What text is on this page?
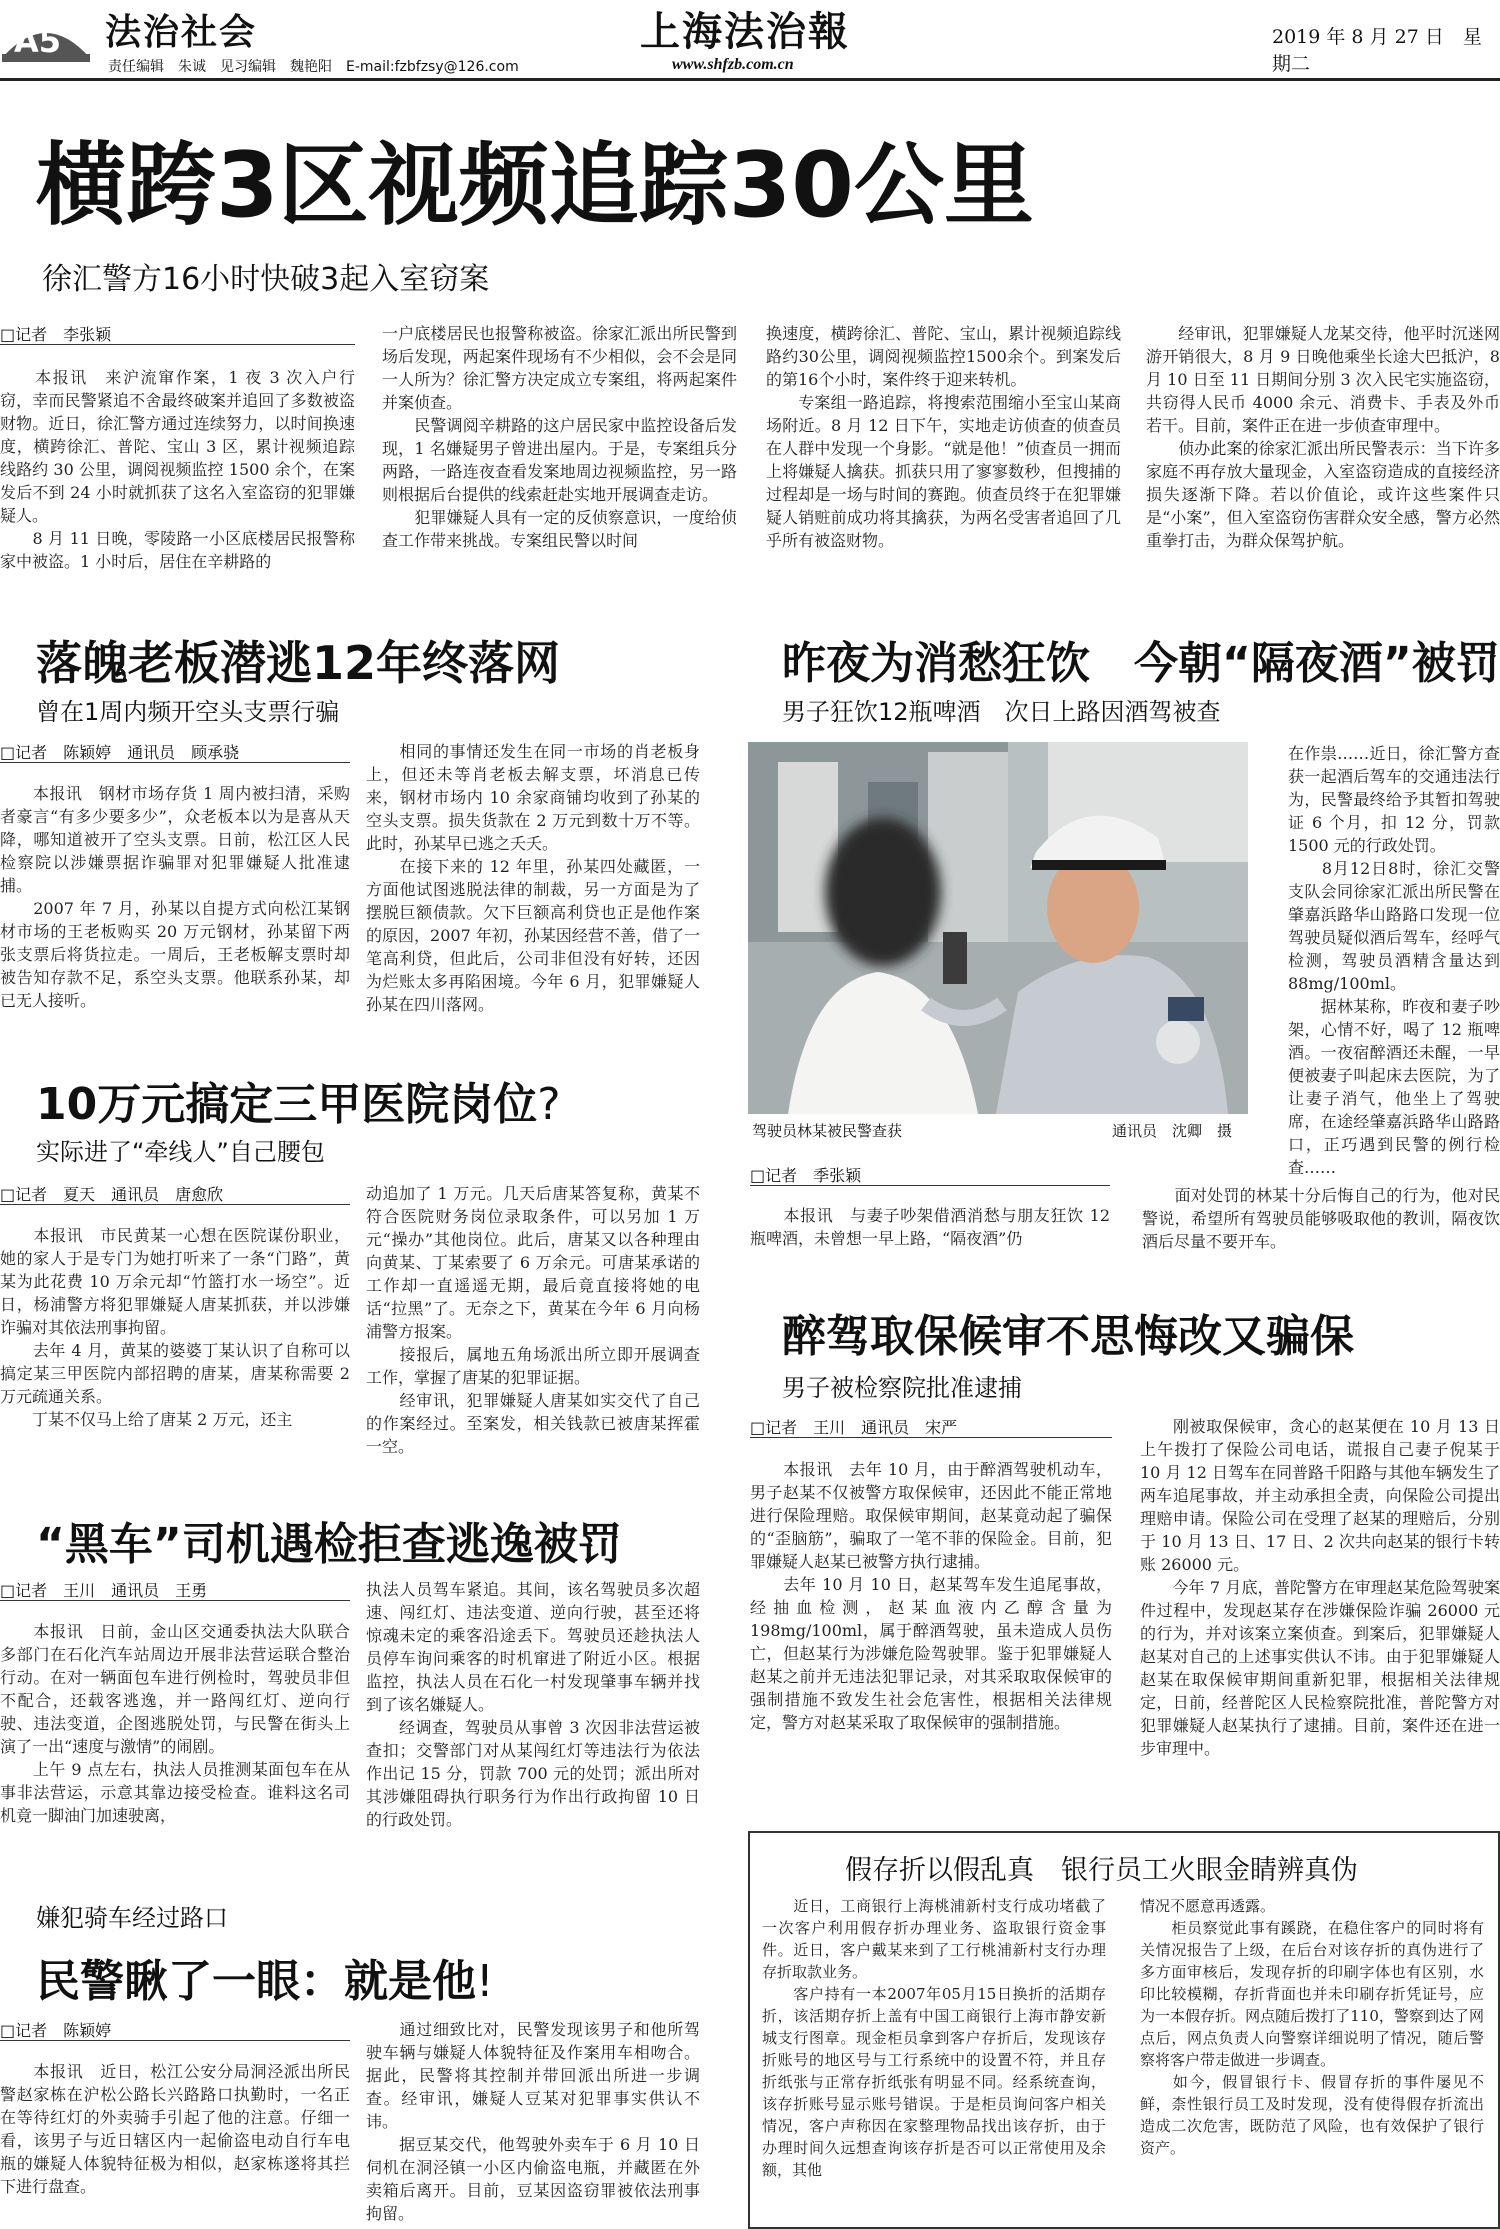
A5 法治社会
责任编辑　朱诚　见习编辑　魏艳阳　E-mail:fzbfzsy@126.com
上海法治報
www.shfzb.com.cn
2019 年 8 月 27 日　星期二
横跨3区视频追踪30公里
徐汇警方16小时快破3起入室窃案
□记者　李张颖
　　本报讯　来沪流窜作案，1 夜 3 次入户行窃，幸而民警紧追不舍最终破案并追回了多数被盗财物。近日，徐汇警方通过连续努力，以时间换速度，横跨徐汇、普陀、宝山 3 区，累计视频追踪线路约 30 公里，调阅视频监控 1500 余个，在案发后不到 24 小时就抓获了这名入室盗窃的犯罪嫌疑人。
　　8 月 11 日晚，零陵路一小区底楼居民报警称家中被盗。1 小时后，居住在辛耕路的
一户底楼居民也报警称被盗。徐家汇派出所民警到场后发现，两起案件现场有不少相似，会不会是同一人所为？徐汇警方决定成立专案组，将两起案件并案侦查。
　　民警调阅辛耕路的这户居民家中监控设备后发现，1 名嫌疑男子曾进出屋内。于是，专案组兵分两路，一路连夜查看发案地周边视频监控，另一路则根据后台提供的线索赶赴实地开展调查走访。
　　犯罪嫌疑人具有一定的反侦察意识，一度给侦查工作带来挑战。专案组民警以时间
换速度，横跨徐汇、普陀、宝山，累计视频追踪线路约30公里，调阅视频监控1500余个。到案发后的第16个小时，案件终于迎来转机。
　　专案组一路追踪，将搜索范围缩小至宝山某商场附近。8 月 12 日下午，实地走访侦查的侦查员在人群中发现一个身影。“就是他！”侦查员一拥而上将嫌疑人擒获。抓获只用了寥寥数秒，但搜捕的过程却是一场与时间的赛跑。侦查员终于在犯罪嫌疑人销赃前成功将其擒获，为两名受害者追回了几乎所有被盗财物。
　　经审讯，犯罪嫌疑人龙某交待，他平时沉迷网游开销很大，8 月 9 日晚他乘坐长途大巴抵沪，8 月 10 日至 11 日期间分别 3 次入民宅实施盗窃，共窃得人民币 4000 余元、消费卡、手表及外币若干。目前，案件正在进一步侦查审理中。
　　侦办此案的徐家汇派出所民警表示：当下许多家庭不再存放大量现金，入室盗窃造成的直接经济损失逐渐下降。若以价值论，或许这些案件只是“小案”，但入室盗窃伤害群众安全感，警方必然重拳打击，为群众保驾护航。
落魄老板潜逃12年终落网
曾在1周内频开空头支票行骗
□记者　陈颖婷　通讯员　顾承骁
　　本报讯　钢材市场存货 1 周内被扫清，采购者豪言“有多少要多少”，众老板本以为是喜从天降，哪知道被开了空头支票。日前，松江区人民检察院以涉嫌票据诈骗罪对犯罪嫌疑人批准逮捕。
　　2007 年 7 月，孙某以自提方式向松江某钢材市场的王老板购买 20 万元钢材，孙某留下两张支票后将货拉走。一周后，王老板解支票时却被告知存款不足，系空头支票。他联系孙某，却已无人接听。
　　相同的事情还发生在同一市场的肖老板身上，但还未等肖老板去解支票，坏消息已传来，钢材市场内 10 余家商铺均收到了孙某的空头支票。损失货款在 2 万元到数十万不等。此时，孙某早已逃之夭夭。
　　在接下来的 12 年里，孙某四处藏匿，一方面他试图逃脱法律的制裁，另一方面是为了摆脱巨额债款。欠下巨额高利贷也正是他作案的原因，2007 年初，孙某因经营不善，借了一笔高利贷，但此后，公司非但没有好转，还因为烂账太多再陷困境。今年 6 月，犯罪嫌疑人孙某在四川落网。
10万元搞定三甲医院岗位?
实际进了“牵线人”自己腰包
□记者　夏天　通讯员　唐愈欣
　　本报讯　市民黄某一心想在医院谋份职业，她的家人于是专门为她打听来了一条“门路”，黄某为此花费 10 万余元却“竹篮打水一场空”。近日，杨浦警方将犯罪嫌疑人唐某抓获，并以涉嫌诈骗对其依法刑事拘留。
　　去年 4 月，黄某的婆婆丁某认识了自称可以搞定某三甲医院内部招聘的唐某，唐某称需要 2 万元疏通关系。
　　丁某不仅马上给了唐某 2 万元，还主
动追加了 1 万元。几天后唐某答复称，黄某不符合医院财务岗位录取条件，可以另加 1 万元“操办”其他岗位。此后，唐某又以各种理由向黄某、丁某索要了 6 万余元。可唐某承诺的工作却一直遥遥无期，最后竟直接将她的电话“拉黑”了。无奈之下，黄某在今年 6 月向杨浦警方报案。
　　接报后，属地五角场派出所立即开展调查工作，掌握了唐某的犯罪证据。
　　经审讯，犯罪嫌疑人唐某如实交代了自己的作案经过。至案发，相关钱款已被唐某挥霍一空。
“黑车”司机遇检拒查逃逸被罚
□记者　王川　通讯员　王勇
　　本报讯　日前，金山区交通委执法大队联合多部门在石化汽车站周边开展非法营运联合整治行动。在对一辆面包车进行例检时，驾驶员非但不配合，还载客逃逸，并一路闯红灯、逆向行驶、违法变道，企图逃脱处罚，与民警在街头上演了一出“速度与激情”的闹剧。
　　上午 9 点左右，执法人员推测某面包车在从事非法营运，示意其靠边接受检查。谁料这名司机竟一脚油门加速驶离，
执法人员驾车紧追。其间，该名驾驶员多次超速、闯红灯、违法变道、逆向行驶，甚至还将惊魂未定的乘客沿途丢下。驾驶员还趁执法人员停车询问乘客的时机窜进了附近小区。根据监控，执法人员在石化一村发现肇事车辆并找到了该名嫌疑人。
　　经调查，驾驶员从事曾 3 次因非法营运被查扣；交警部门对从某闯红灯等违法行为依法作出记 15 分，罚款 700 元的处罚；派出所对其涉嫌阻碍执行职务行为作出行政拘留 10 日的行政处罚。
嫌犯骑车经过路口
民警瞅了一眼：就是他!
□记者　陈颖婷
　　本报讯　近日，松江公安分局洞泾派出所民警赵家栋在沪松公路长兴路路口执勤时，一名正在等待红灯的外卖骑手引起了他的注意。仔细一看，该男子与近日辖区内一起偷盗电动自行车电瓶的嫌疑人体貌特征极为相似，赵家栋遂将其拦下进行盘查。
　　通过细致比对，民警发现该男子和他所驾驶车辆与嫌疑人体貌特征及作案用车相吻合。据此，民警将其控制并带回派出所进一步调查。经审讯，嫌疑人豆某对犯罪事实供认不讳。
　　据豆某交代，他驾驶外卖车于 6 月 10 日伺机在洞泾镇一小区内偷盗电瓶，并藏匿在外卖箱后离开。目前，豆某因盗窃罪被依法刑事拘留。
昨夜为消愁狂饮　今朝“隔夜酒”被罚
男子狂饮12瓶啤酒　次日上路因酒驾被查
驾驶员林某被民警查获	通讯员　沈卿　摄
□记者　季张颖
　　本报讯　与妻子吵架借酒消愁与朋友狂饮 12 瓶啤酒，未曾想一早上路，“隔夜酒”仍
在作祟……近日，徐汇警方查获一起酒后驾车的交通违法行为，民警最终给予其暂扣驾驶证 6 个月，扣 12 分，罚款 1500 元的行政处罚。
　　8月12日8时，徐汇交警支队会同徐家汇派出所民警在肇嘉浜路华山路路口发现一位驾驶员疑似酒后驾车，经呼气检测，驾驶员酒精含量达到88mg/100ml。
　　据林某称，昨夜和妻子吵架，心情不好，喝了 12 瓶啤酒。一夜宿醉酒还未醒，一早便被妻子叫起床去医院，为了让妻子消气，他坐上了驾驶席，在途经肇嘉浜路华山路路口，正巧遇到民警的例行检查……
　　面对处罚的林某十分后悔自己的行为，他对民警说，希望所有驾驶员能够吸取他的教训，隔夜饮酒后尽量不要开车。
醉驾取保候审不思悔改又骗保
男子被检察院批准逮捕
□记者　王川　通讯员　宋严
　　本报讯　去年 10 月，由于醉酒驾驶机动车，男子赵某不仅被警方取保候审，还因此不能正常地进行保险理赔。取保候审期间，赵某竟动起了骗保的“歪脑筋”，骗取了一笔不菲的保险金。目前，犯罪嫌疑人赵某已被警方执行逮捕。
　　去年 10 月 10 日，赵某驾车发生追尾事故，经抽血检测，赵某血液内乙醇含量为 198mg/100ml，属于醉酒驾驶，虽未造成人员伤亡，但赵某行为涉嫌危险驾驶罪。鉴于犯罪嫌疑人赵某之前并无违法犯罪记录，对其采取取保候审的强制措施不致发生社会危害性，根据相关法律规定，警方对赵某采取了取保候审的强制措施。
　　刚被取保候审，贪心的赵某便在 10 月 13 日上午拨打了保险公司电话，谎报自己妻子倪某于 10 月 12 日驾车在同普路千阳路与其他车辆发生了两车追尾事故，并主动承担全责，向保险公司提出理赔申请。保险公司在受理了赵某的理赔后，分别于 10 月 13 日、17 日、2 次共向赵某的银行卡转账 26000 元。
　　今年 7 月底，普陀警方在审理赵某危险驾驶案件过程中，发现赵某存在涉嫌保险诈骗 26000 元的行为，并对该案立案侦查。到案后，犯罪嫌疑人赵某对自己的上述事实供认不讳。由于犯罪嫌疑人赵某在取保候审期间重新犯罪，根据相关法律规定，日前，经普陀区人民检察院批准，普陀警方对犯罪嫌疑人赵某执行了逮捕。目前，案件还在进一步审理中。
假存折以假乱真　银行员工火眼金睛辨真伪
　　近日，工商银行上海桃浦新村支行成功堵截了一次客户利用假存折办理业务、盗取银行资金事件。近日，客户戴某来到了工行桃浦新村支行办理存折取款业务。
　　客户持有一本2007年05月15日换折的活期存折，该活期存折上盖有中国工商银行上海市静安新城支行图章。现金柜员拿到客户存折后，发现该存折账号的地区号与工行系统中的设置不符，并且存折纸张与正常存折纸张有明显不同。经系统查询，该存折账号显示账号错误。于是柜员询问客户相关情况，客户声称因在家整理物品找出该存折，由于办理时间久远想查询该存折是否可以正常使用及余额，其他
情况不愿意再透露。
　　柜员察觉此事有蹊跷，在稳住客户的同时将有关情况报告了上级，在后台对该存折的真伪进行了多方面审核后，发现存折的印刷字体也有区别，水印比较模糊，存折背面也并未印刷存折凭证号，应为一本假存折。网点随后拨打了110，警察到达了网点后，网点负责人向警察详细说明了情况，随后警察将客户带走做进一步调查。
　　如今，假冒银行卡、假冒存折的事件屡见不鲜，柰性银行员工及时发现，没有使得假存折流出造成二次危害，既防范了风险，也有效保护了银行资产。
